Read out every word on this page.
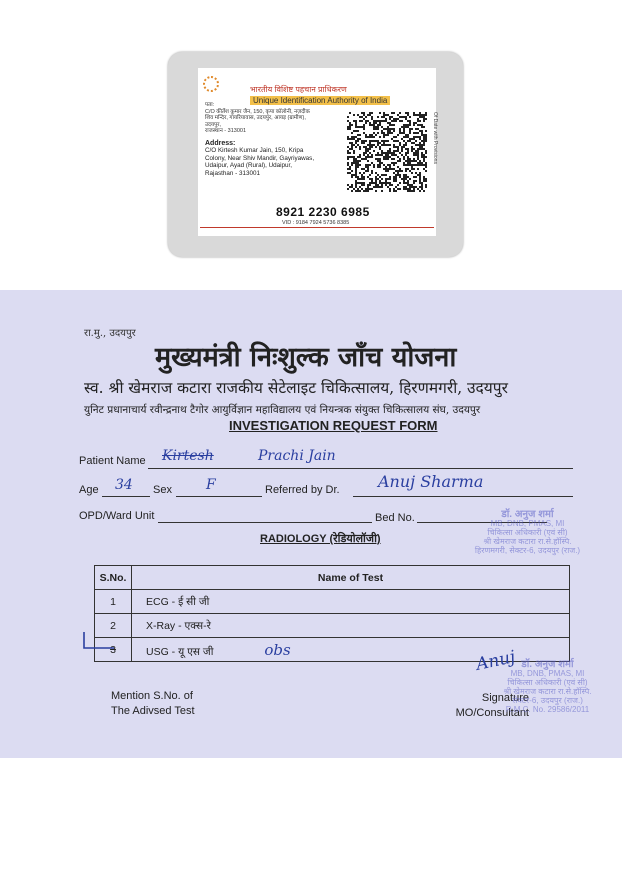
भारतीय विशिष्ट पहचान प्राधिकरण
Unique Identification Authority of India
पता:
C/O कीर्तेश कुमार जैन, 150, कृपा कॉलोनी, नज़दीक
शिव मन्दिर, गायरियावास, उदयपुर, आयड़ (ग्रामीण),
उदयपुर,
राजस्थान - 313001
Address:
C/O Kirtesh Kumar Jain, 150, Kripa
Colony, Near Shiv Mandir, Gayriyawas,
Udaipur, Ayad (Rural), Udaipur,
Rajasthan - 313001
Of Date with Provisions
8921 2230 6985
VID : 9184 7924 5736 8385
रा.मु., उदयपुर
मुख्यमंत्री निःशुल्क जाँच योजना
स्व. श्री खेमराज कटारा राजकीय सेटेलाइट चिकित्सालय, हिरणमगरी, उदयपुर
युनिट प्रधानाचार्य रवीन्द्रनाथ टैगोर आयुर्विज्ञान महाविद्यालय एवं नियन्त्रक संयुक्त चिकित्सालय संघ, उदयपुर
INVESTIGATION REQUEST FORM
Patient Name Kirtesh	Prachi Jain
Age 34 Sex F	Referred by Dr. Anuj Sharma
OPD/Ward Unit	Bed No.
RADIOLOGY (रेडियोलॉजी)
S.No.	Name of Test
1	ECG - ई सी जी
2	X-Ray - एक्स-रे
3	USG - यू एस जी obs
Mention S.No. of
The Adivsed Test
Signature
MO/Consultant
Anuj
डॉ. अनुज शर्मा
MB, DNB, PMAS, MI
चिकित्सा अधिकारी (एवं सी)
श्री खेमराज कटारा रा.से.हॉस्पि.
हिरणमगरी, सेक्टर-6, उदयपुर (राज.)
डॉ. अनुज शर्मा
MB, DNB, PMAS, MI
चिकित्सा अधिकारी (एवं सी)
श्री खेमराज कटारा रा.से.हॉस्पि.
सेक्टर-6, उदयपुर (राज.)
R.M.C. No. 29586/2011
